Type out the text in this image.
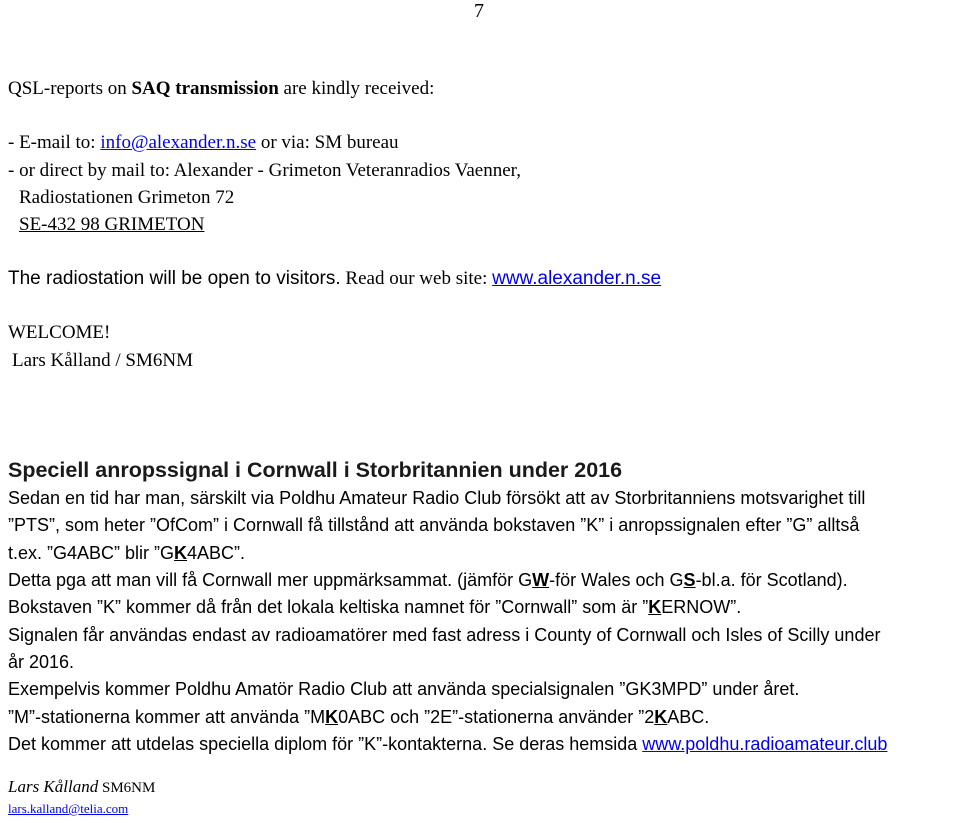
7
QSL-reports on SAQ transmission are kindly received:
- E-mail to: info@alexander.n.se or via: SM bureau
- or direct by mail to: Alexander - Grimeton Veteranradios Vaenner,
Radiostationen Grimeton 72
SE-432 98 GRIMETON
The radiostation will be open to visitors. Read our web site: www.alexander.n.se
WELCOME!
Lars Kålland / SM6NM
Speciell anropssignal i Cornwall i Storbritannien under 2016
Sedan en tid har man, särskilt via Poldhu Amateur Radio Club försökt att av Storbritanniens motsvarighet till
”PTS”, som heter ”OfCom” i Cornwall få tillstånd att använda bokstaven ”K” i anropssignalen efter ”G” alltså
t.ex. ”G4ABC” blir ”GK4ABC”.
Detta pga att man vill få Cornwall mer uppmärksammat. (jämför GW-för Wales och GS-bl.a. för Scotland).
Bokstaven ”K” kommer då från det lokala keltiska namnet för ”Cornwall” som är ”KERNOW”.
Signalen får användas endast av radioamatörer med fast adress i County of Cornwall och Isles of Scilly under
år 2016.
Exempelvis kommer Poldhu Amatör Radio Club att använda specialsignalen ”GK3MPD” under året.
”M”-stationerna kommer att använda ”MK0ABC och ”2E”-stationerna använder ”2KABC.
Det kommer att utdelas speciella diplom för ”K”-kontakterna. Se deras hemsida www.poldhu.radioamateur.club
Lars Kålland SM6NM
lars.kalland@telia.com
